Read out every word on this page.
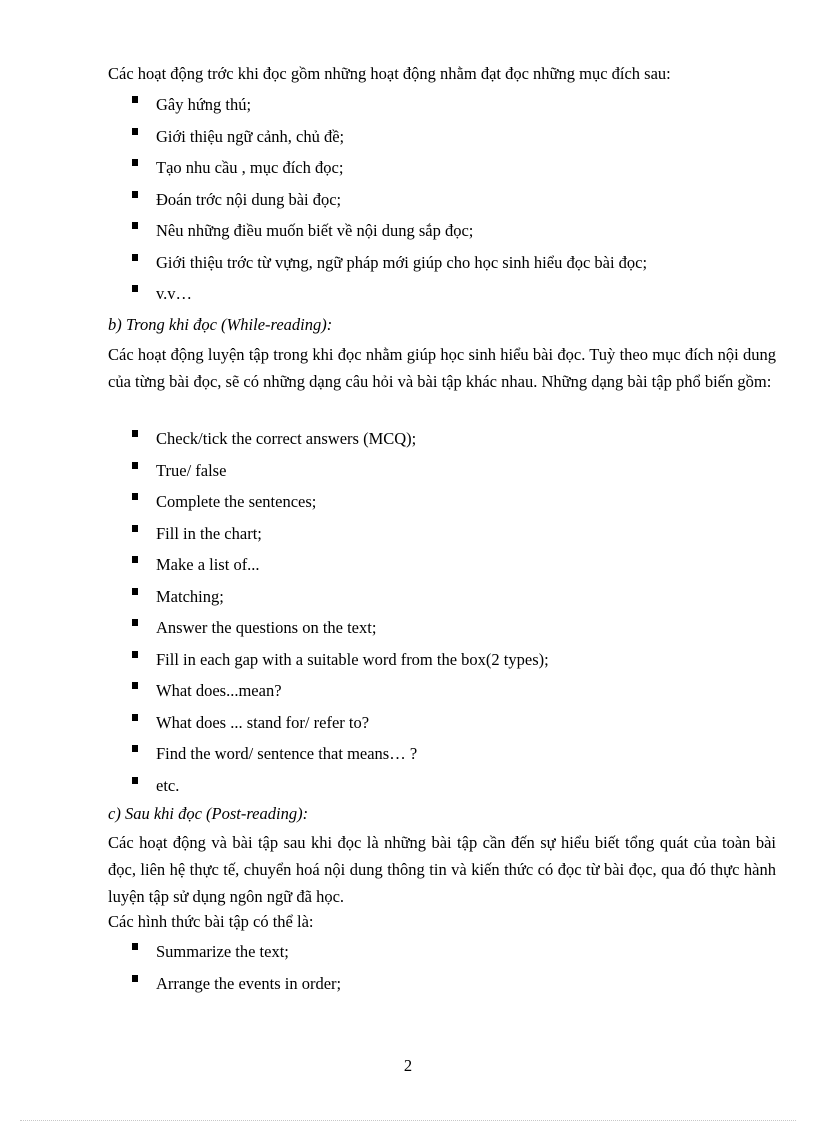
Các hoạt động trớc khi đọc gồm những hoạt động nhằm đạt đọc những mục đích sau:
Gây hứng thú;
Giới thiệu ngữ cảnh, chủ đề;
Tạo nhu cầu , mục đích đọc;
Đoán trớc nội dung bài đọc;
Nêu những điều muốn biết về nội dung sắp đọc;
Giới thiệu trớc từ vựng, ngữ pháp mới giúp cho học sinh hiểu đọc bài đọc;
v.v…
b) Trong khi đọc (While-reading):
Các hoạt động luyện tập trong khi đọc nhằm giúp học sinh hiểu bài đọc. Tuỳ theo mục đích nội dung của từng bài đọc, sẽ có những dạng câu hỏi và bài tập khác nhau. Những dạng bài tập phổ biến gồm:
Check/tick the correct answers (MCQ);
True/ false
Complete the sentences;
Fill in the chart;
Make a list of...
Matching;
Answer the questions on the text;
Fill in each gap with a suitable word from the box(2 types);
What does...mean?
What does ... stand for/ refer to?
Find the word/ sentence that means… ?
etc.
c) Sau khi đọc (Post-reading):
Các hoạt động và bài tập sau khi đọc là những bài tập cần đến sự hiểu biết tổng quát của toàn bài đọc, liên hệ thực tế, chuyển hoá nội dung thông tin và kiến thức có đọc từ bài đọc, qua đó thực hành luyện tập sử dụng ngôn ngữ đã học.
Các hình thức bài tập có thể là:
Summarize the text;
Arrange the events in order;
2
